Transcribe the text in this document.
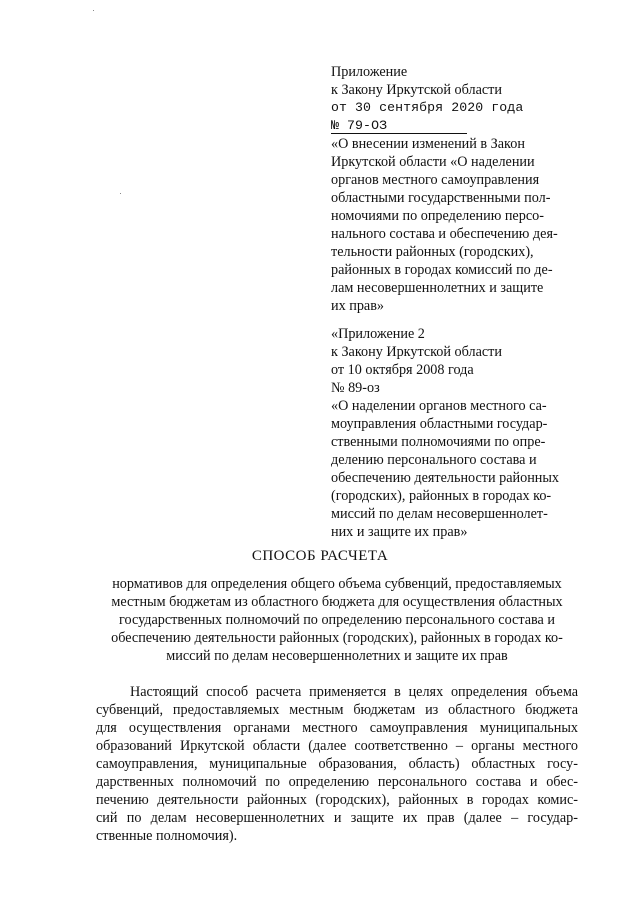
Приложение
к Закону Иркутской области
от 30 сентября 2020 года
№ 79-ОЗ
«О внесении изменений в Закон
Иркутской области «О наделении
органов местного самоуправления
областными государственными пол-
номочиями по определению персо-
нального состава и обеспечению дея-
тельности районных (городских),
районных в городах комиссий по де-
лам несовершеннолетних и защите
их прав»
«Приложение 2
к Закону Иркутской области
от 10 октября 2008 года
№ 89-оз
«О наделении органов местного са-
моуправления областными государ-
ственными полномочиями по опре-
делению персонального состава и
обеспечению деятельности районных
(городских), районных в городах ко-
миссий по делам несовершеннолет-
них и защите их прав»
СПОСОБ РАСЧЕТА
нормативов для определения общего объема субвенций, предоставляемых
местным бюджетам из областного бюджета для осуществления областных
государственных полномочий по определению персонального состава и
обеспечению деятельности районных (городских), районных в городах ко-
миссий по делам несовершеннолетних и защите их прав
Настоящий способ расчета применяется в целях определения объема
субвенций, предоставляемых местным бюджетам из областного бюджета
для осуществления органами местного самоуправления муниципальных
образований Иркутской области (далее соответственно – органы местного
самоуправления, муниципальные образования, область) областных госу-
дарственных полномочий по определению персонального состава и обес-
печению деятельности районных (городских), районных в городах комис-
сий по делам несовершеннолетних и защите их прав (далее – государ-
ственные полномочия).
